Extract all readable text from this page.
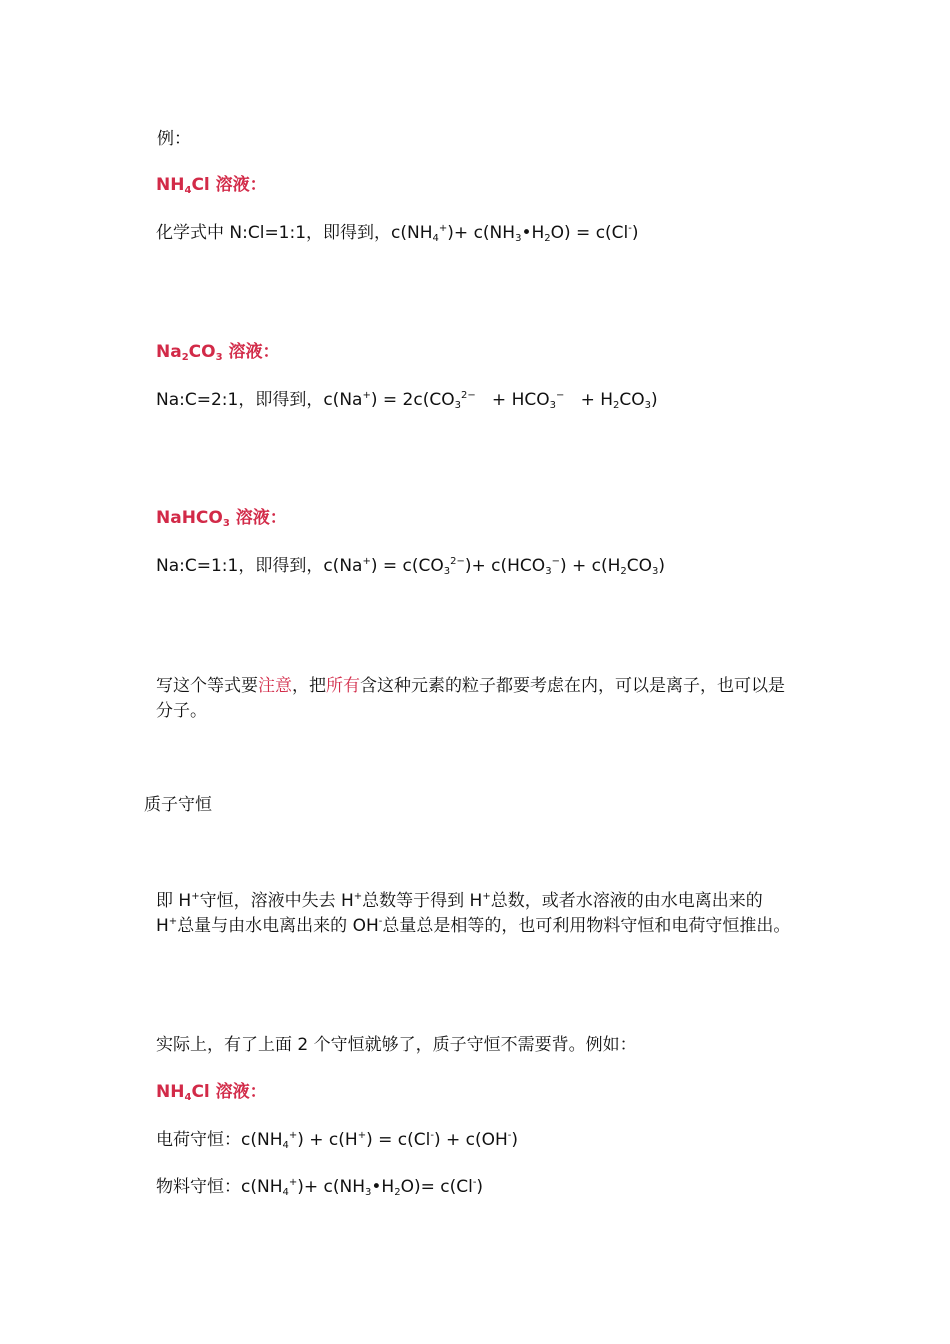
例：
$NH_4Cl$ 溶液：
化学式中 N:Cl=1:1，即得到，$c(NH_4^+)+$ $c(NH_3•H_2O) = c(Cl^-)$
$Na_2CO_3$ 溶液：
Na:C=2:1，即得到，$c(Na^+) = 2c(CO_3^{2-} + HCO_3^- + H_2CO_3)$
NaHCO$_3$ 溶液：
Na:C=1:1，即得到，$c(Na^+) = c(CO_3^{2-})+ c(HCO_3^-) + c(H_2CO_3)$
写这个等式要注意，把所有含这种元素的粒子都要考虑在内，可以是离子，也可以是分子。
质子守恒
即 H+守恒，溶液中失去 H+总数等于得到 H+总数，或者水溶液的由水电离出来的 H+总量与由水电离出来的 OH-总量总是相等的，也可利用物料守恒和电荷守恒推出。
实际上，有了上面 2 个守恒就够了，质子守恒不需要背。例如：
$NH_4Cl$ 溶液：
电荷守恒：$c(NH_4^+) + c(H^+) = c(Cl^-) + c(OH^-)$
物料守恒：$c(NH_4^+)+$ $c(NH_3•H_2O)= c(Cl^-)$
